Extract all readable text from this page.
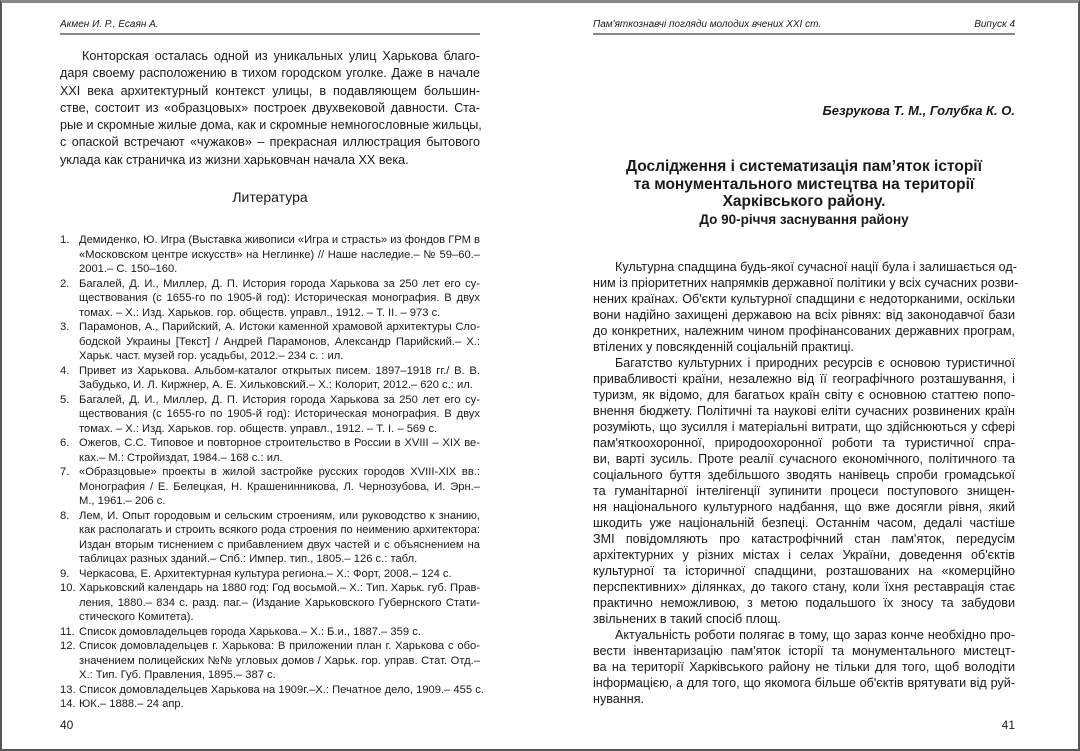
Акмен И. Р., Есаян А.
Конторская осталась одной из уникальных улиц Харькова благо-
даря своему расположению в тихом городском уголке. Даже в начале
XXI века архитектурный контекст улицы, в подавляющем большин-
стве, состоит из «образцовых» построек двухвековой давности. Ста-
рые и скромные жилые дома, как и скромные немногословные жильцы,
с опаской встречают «чужаков» – прекрасная иллюстрация бытового
уклада как страничка из жизни харьковчан начала XX века.
Литература
1. Демиденко, Ю. Игра (Выставка живописи «Игра и страсть» из фондов ГРМ в
«Московском центре искусств» на Неглинке) // Наше наследие.– № 59–60.–
2001.– С. 150–160.
2. Багалей, Д. И., Миллер, Д. П. История города Харькова за 250 лет его су-
ществования (с 1655-го по 1905-й год): Историческая монография. В двух
томах. – Х.: Изд. Харьков. гор. обществ. управл., 1912. – Т. II. – 973 с.
3. Парамонов, А., Парийский, А. Истоки каменной храмовой архитектуры Сло-
бодской Украины [Текст] / Андрей Парамонов, Александр Парийский.– Х.:
Харьк. част. музей гор. усадьбы, 2012.– 234 с. : ил.
4. Привет из Харькова. Альбом-каталог открытых писем. 1897–1918 гг./ В. В.
Забудько, И. Л. Киржнер, А. Е. Хильковский.– Х.: Колорит, 2012.– 620 с.: ил.
5. Багалей, Д. И., Миллер, Д. П. История города Харькова за 250 лет его су-
ществования (с 1655-го по 1905-й год): Историческая монография. В двух
томах. – Х.: Изд. Харьков. гор. обществ. управл., 1912. – Т. I. – 569 с.
6. Ожегов, С.С. Типовое и повторное строительство в России в XVIII – XIX ве-
ках.– М.: Стройиздат, 1984.– 168 с.: ил.
7. «Образцовые» проекты в жилой застройке русских городов XVIII-XIX вв.:
Монография / Е. Белецкая, Н. Крашенинникова, Л. Чернозубова, И. Эрн.–
М., 1961.– 206 с.
8. Лем, И. Опыт городовым и сельским строениям, или руководство к знанию,
как располагать и строить всякого рода строения по неимению архитектора:
Издан вторым тиснением с прибавлением двух частей и с объяснением на
таблицах разных зданий.– Спб.: Импер. тип., 1805.– 126 с.: табл.
9. Черкасова, Е. Архитектурная культура региона.– Х.: Форт, 2008.– 124 с.
10. Харьковский календарь на 1880 год: Год восьмой.– Х.: Тип. Харьк. губ. Прав-
ления, 1880.– 834 с. разд. паг.– (Издание Харьковского Губернского Стати-
стического Комитета).
11. Список домовладельцев города Харькова.– Х.: Б.и., 1887.– 359 с.
12. Список домовладельцев г. Харькова: В приложении план г. Харькова с обо-
значением полицейских №№ угловых домов / Харьк. гор. управ. Стат. Отд.–
Х.: Тип. Губ. Правления, 1895.– 387 с.
13. Список домовладельцев Харькова на 1909г.–Х.: Печатное дело, 1909.– 455 с.
14. ЮК.– 1888.– 24 апр.
40
Пам'яткознавчі погляди молодих вчених XXI ст.	Випуск 4
Безрукова Т. М., Голубка К. О.
Дослідження і систематизація пам’яток історії
та монументального мистецтва на території
Харківського району.
До 90-річчя заснування району
Культурна спадщина будь-якої сучасної нації була і залишається од-
ним із пріоритетних напрямків державної політики у всіх сучасних розви-
нених країнах. Об'єкти культурної спадщини є недоторканими, оскільки
вони надійно захищені державою на всіх рівнях: від законодавчої бази
до конкретних, належним чином профінансованих державних програм,
втілених у повсякденній соціальній практиці.
Багатство культурних і природних ресурсів є основою туристичної
привабливості країни, незалежно від її географічного розташування, і
туризм, як відомо, для багатьох країн світу є основною статтею попо-
внення бюджету. Політичні та наукові еліти сучасних розвинених країн
розуміють, що зусилля і матеріальні витрати, що здійснюються у сфері
пам'яткоохоронної, природоохоронної роботи та туристичної спра-
ви, варті зусиль. Проте реалії сучасного економічного, політичного та
соціального буття здебільшого зводять нанівець спроби громадської
та гуманітарної інтелігенції зупинити процеси поступового знищен-
ня національного культурного надбання, що вже досягли рівня, який
шкодить уже національній безпеці. Останнім часом, дедалі частіше
ЗМІ повідомляють про катастрофічний стан пам'яток, передусім
архітектурних у різних містах і селах України, доведення об'єктів
культурної та історичної спадщини, розташованих на «комерційно
перспективних» ділянках, до такого стану, коли їхня реставрація стає
практично неможливою, з метою подальшого їх зносу та забудови
звільнених в такий спосіб площ.
Актуальність роботи полягає в тому, що зараз конче необхідно про-
вести інвентаризацію пам'яток історії та монументального мистецт-
ва на території Харківського району не тільки для того, щоб володіти
інформацією, а для того, що якомога більше об'єктів врятувати від руй-
нування.
41
